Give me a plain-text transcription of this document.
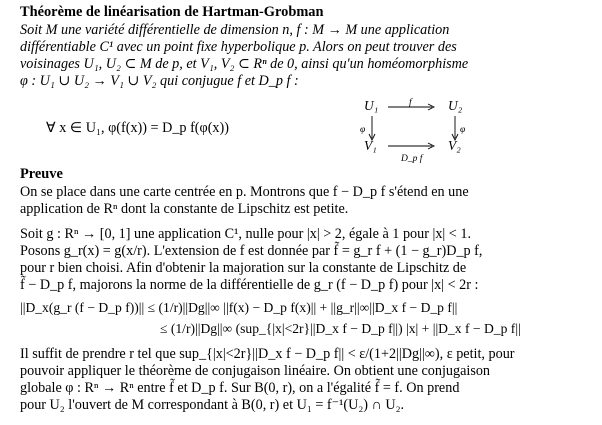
Théorème de linéarisation de Hartman-Grobman
Soit M une variété différentielle de dimension n, f : M → M une application
différentiable C¹ avec un point fixe hyperbolique p. Alors on peut trouver des
voisinages U₁, U₂ ⊂ M de p, et V₁, V₂ ⊂ Rⁿ de 0, ainsi qu'un homéomorphisme
φ : U₁ ∪ U₂ → V₁ ∪ V₂ qui conjugue f et D_p f :
∀ x ∈ U₁, φ(f(x)) = D_p f(φ(x))
U₁	U₂
V₁	V₂
f
D_p f
φ	φ
Preuve
On se place dans une carte centrée en p. Montrons que f − D_p f s'étend en une
application de Rⁿ dont la constante de Lipschitz est petite.
Soit g : Rⁿ → [0, 1] une application C¹, nulle pour |x| > 2, égale à 1 pour |x| < 1.
Posons g_r(x) = g(x/r). L'extension de f est donnée par f̃ = g_r f + (1 − g_r)D_p f,
pour r bien choisi. Afin d'obtenir la majoration sur la constante de Lipschitz de
f̃ − D_p f, majorons la norme de la différentielle de g_r (f − D_p f) pour |x| < 2r :
||D_x(g_r (f − D_p f))|| ≤ (1/r)||Dg||∞ ||f(x) − D_p f(x)|| + ||g_r||∞||D_x f − D_p f||
≤ (1/r)||Dg||∞ (sup_{|x|<2r}||D_x f − D_p f||) |x| + ||D_x f − D_p f||
Il suffit de prendre r tel que sup_{|x|<2r}||D_x f − D_p f|| < ε/(1+2||Dg||∞), ε petit, pour
pouvoir appliquer le théorème de conjugaison linéaire. On obtient une conjugaison
globale φ : Rⁿ → Rⁿ entre f̃ et D_p f. Sur B(0, r), on a l'égalité f̃ = f. On prend
pour U₂ l'ouvert de M correspondant à B(0, r) et U₁ = f⁻¹(U₂) ∩ U₂.
